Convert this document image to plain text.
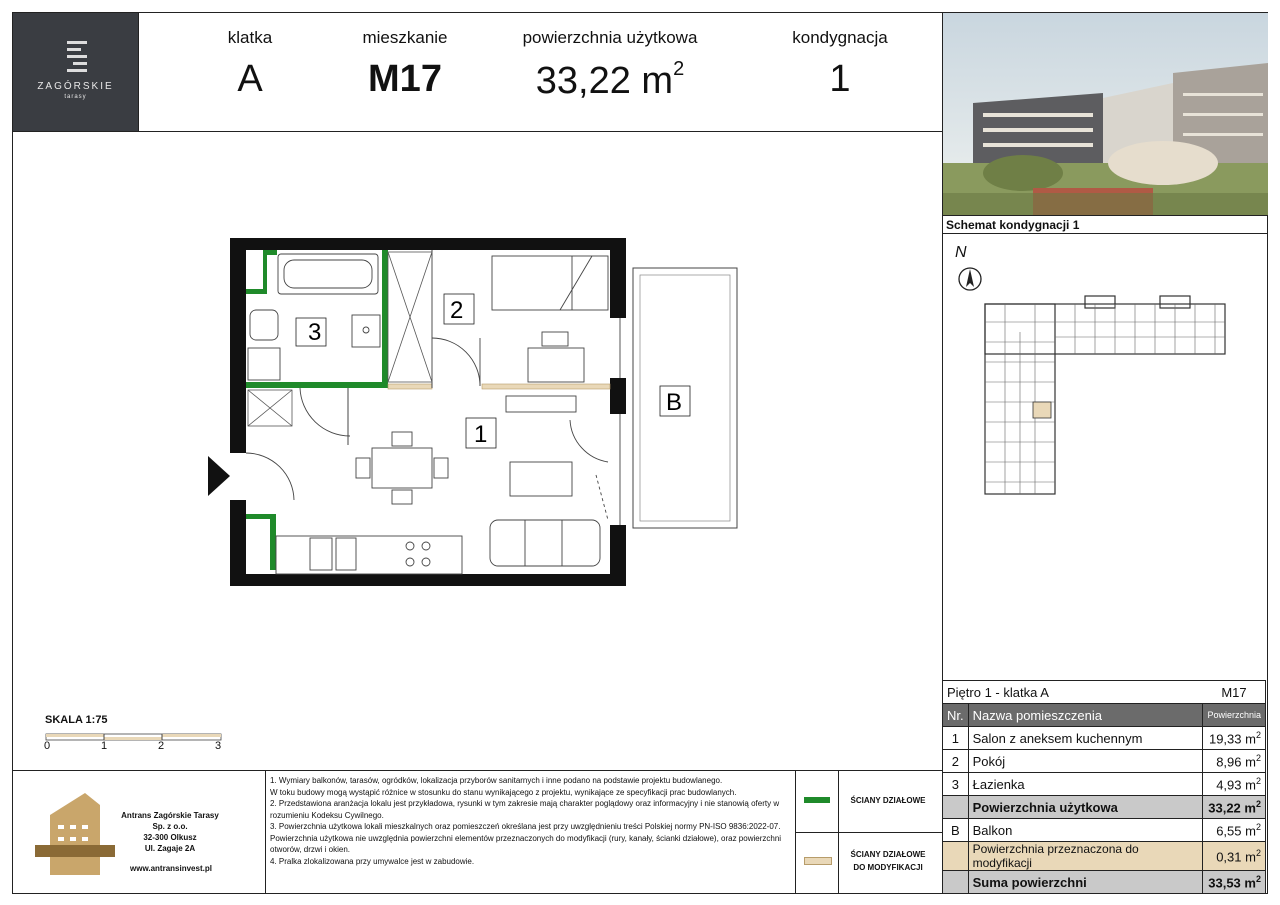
ZAGÓRSKIE
tarasy
klatka
A
mieszkanie
M17
powierzchnia użytkowa
33,22 $m^2$
kondygnacja
1
Schemat kondygnacji 1
N
3
2
1
B
SKALA 1:75
0	1	2	3
Piętro 1 - klatka A		M17
Nr.	Nazwa pomieszczenia	Powierzchnia
1	Salon z aneksem kuchennym	19,33 $m^2$
2	Pokój	8,96 $m^2$
3	Łazienka	4,93 $m^2$
	Powierzchnia użytkowa	33,22 $m^2$
B	Balkon	6,55 $m^2$
	Powierzchnia przeznaczona do modyfikacji	0,31 $m^2$
	Suma powierzchni	33,53 $m^2$
Antrans Zagórskie Tarasy Sp. z o.o.
32-300 Olkusz
Ul. Zagaje 2A
www.antransinvest.pl
1. Wymiary balkonów, tarasów, ogródków, lokalizacja przyborów sanitarnych i inne podano na podstawie projektu budowlanego.
W toku budowy mogą wystąpić różnice w stosunku do stanu wynikającego z projektu, wynikające ze specyfikacji prac budowlanych.
2. Przedstawiona aranżacja lokalu jest przykładowa, rysunki w tym zakresie mają charakter poglądowy oraz informacyjny i nie stanowią oferty w
rozumieniu Kodeksu Cywilnego.
3. Powierzchnia użytkowa lokali mieszkalnych oraz pomieszczeń określana jest przy uwzględnieniu treści Polskiej normy PN-ISO 9836:2022-07.
Powierzchnia użytkowa nie uwzględnia powierzchni elementów przeznaczonych do modyfikacji (rury, kanały, ścianki działowe), oraz powierzchni
otworów, drzwi i okien.
4. Pralka zlokalizowana przy umywalce jest w zabudowie.
ŚCIANY DZIAŁOWE
ŚCIANY DZIAŁOWE
DO MODYFIKACJI
